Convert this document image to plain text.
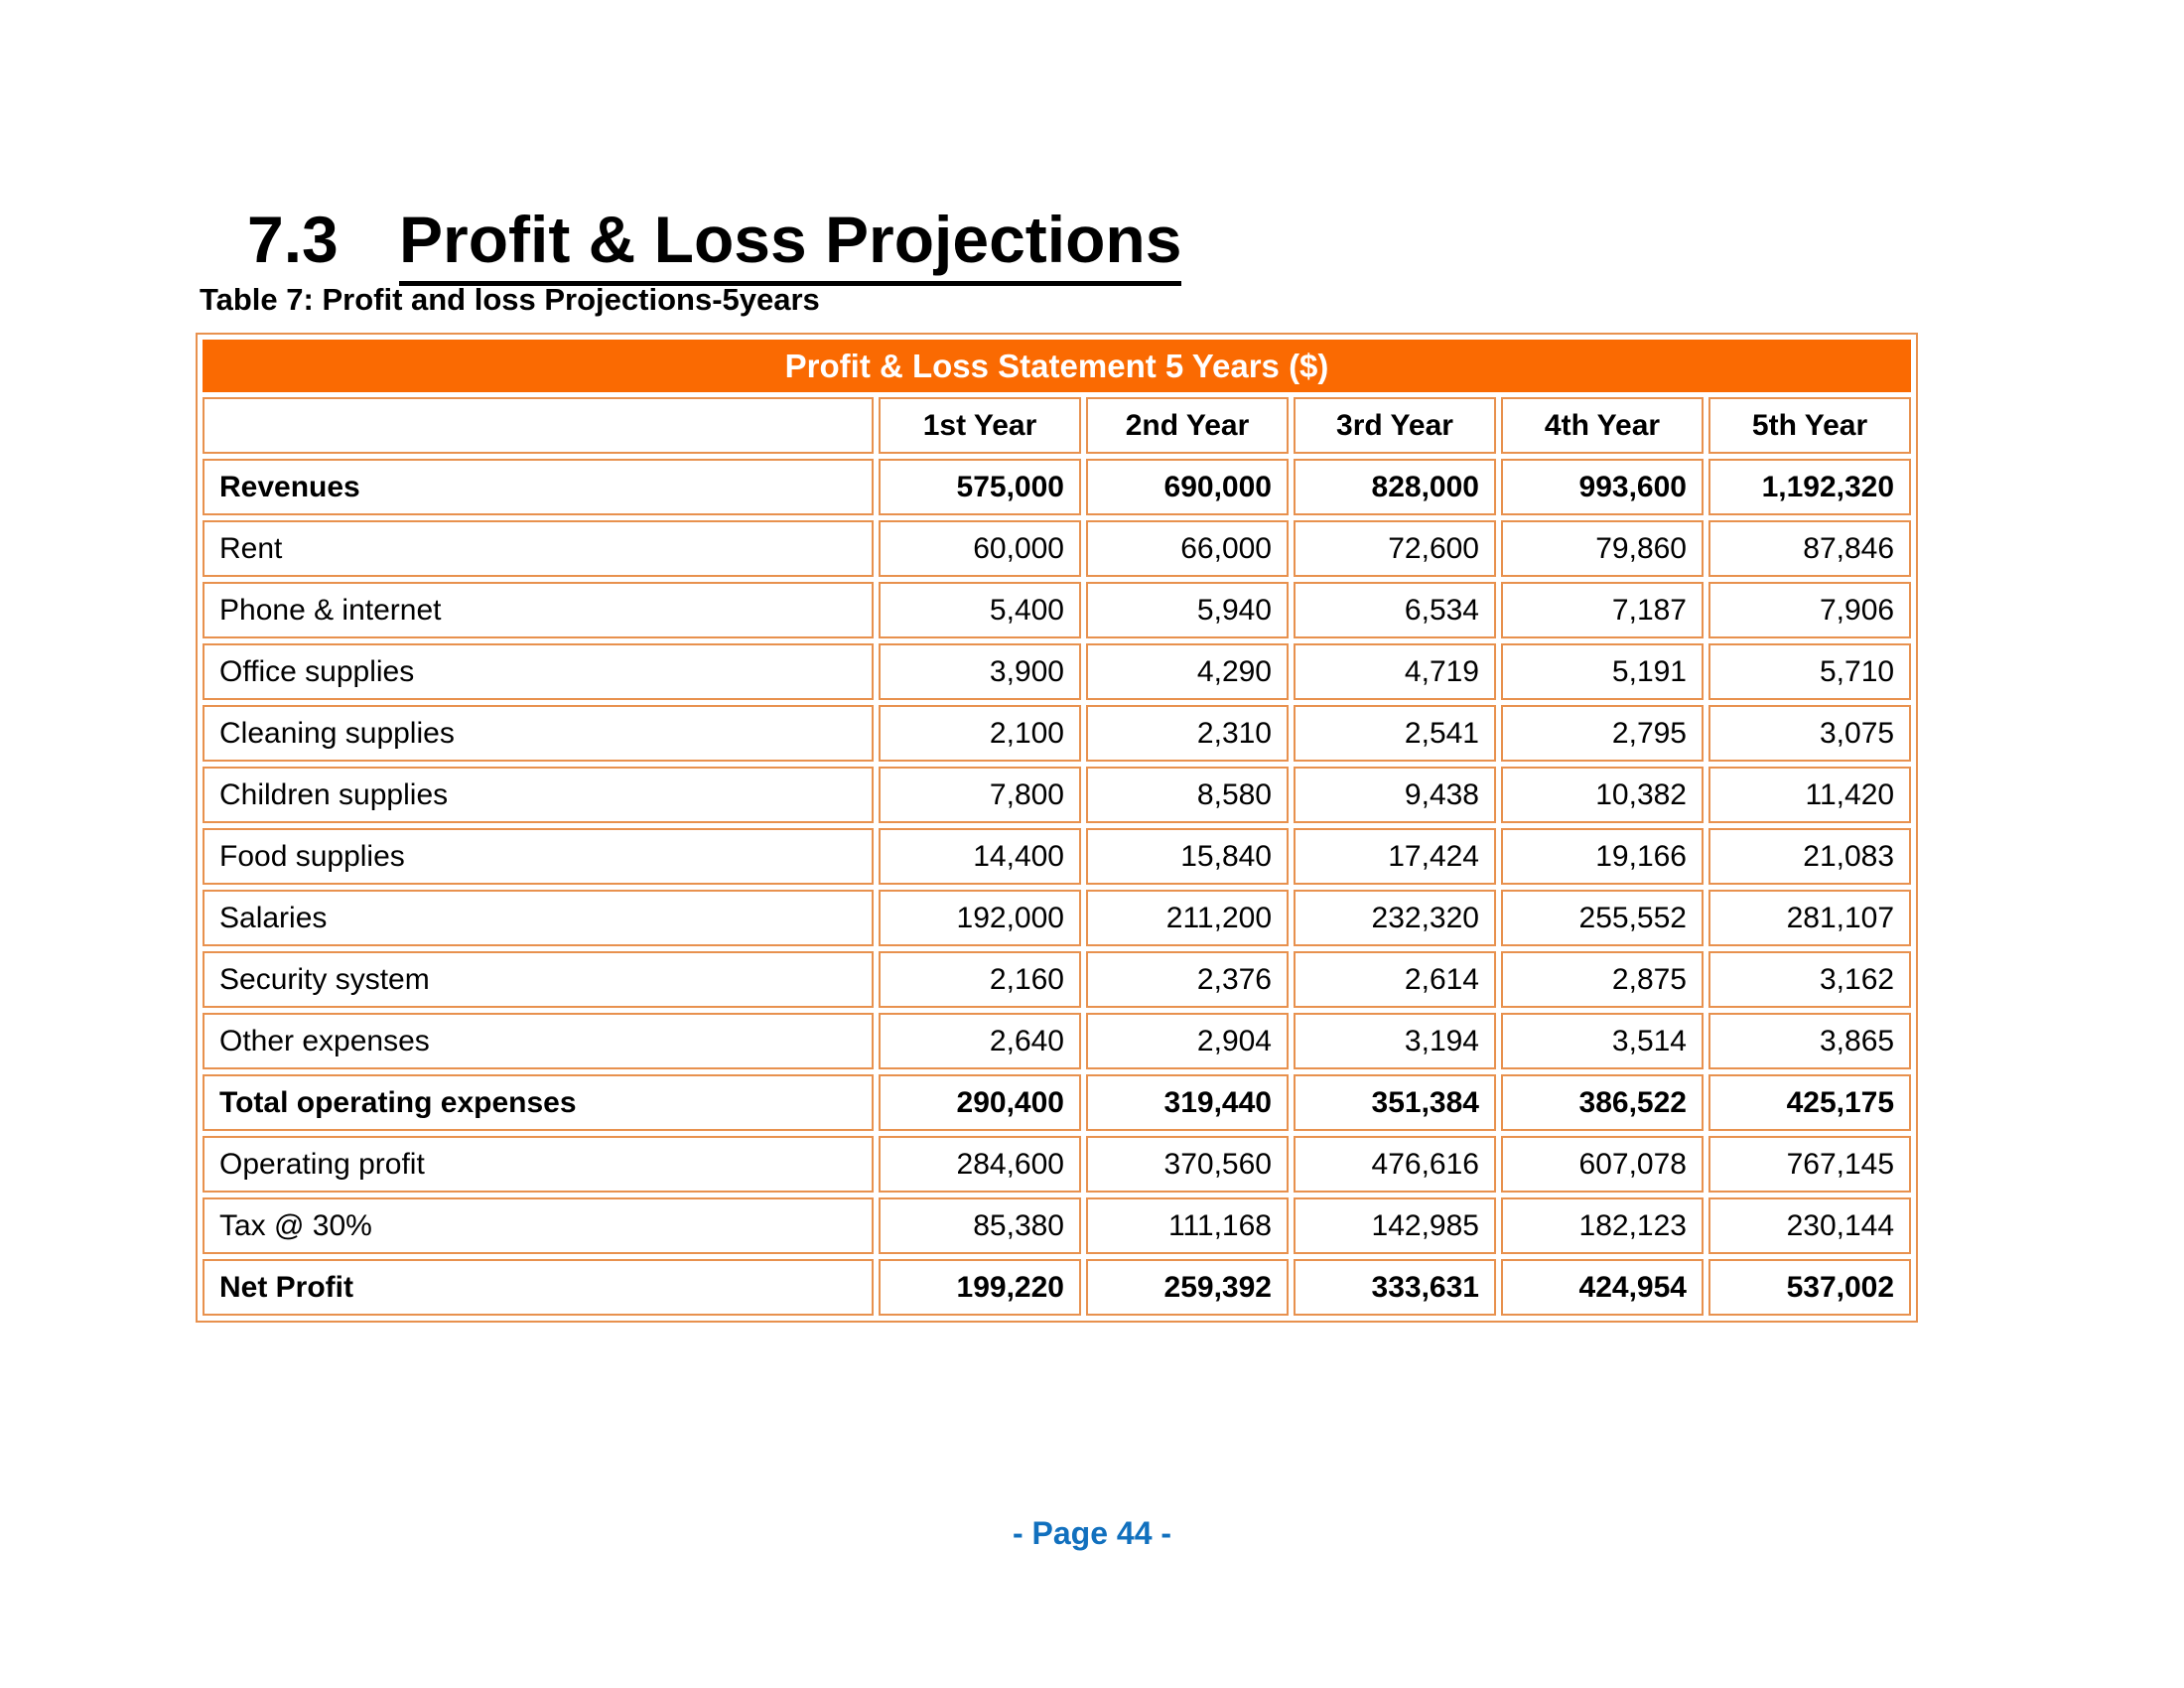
7.3 Profit & Loss Projections
Table 7: Profit and loss Projections-5years
Profit & Loss Statement 5 Years ($)					
	1st Year	2nd Year	3rd Year	4th Year	5th Year
Revenues	575,000	690,000	828,000	993,600	1,192,320
Rent	60,000	66,000	72,600	79,860	87,846
Phone & internet	5,400	5,940	6,534	7,187	7,906
Office supplies	3,900	4,290	4,719	5,191	5,710
Cleaning supplies	2,100	2,310	2,541	2,795	3,075
Children supplies	7,800	8,580	9,438	10,382	11,420
Food supplies	14,400	15,840	17,424	19,166	21,083
Salaries	192,000	211,200	232,320	255,552	281,107
Security system	2,160	2,376	2,614	2,875	3,162
Other expenses	2,640	2,904	3,194	3,514	3,865
Total operating expenses	290,400	319,440	351,384	386,522	425,175
Operating profit	284,600	370,560	476,616	607,078	767,145
Tax @ 30%	85,380	111,168	142,985	182,123	230,144
Net Profit	199,220	259,392	333,631	424,954	537,002
- Page 44 -
